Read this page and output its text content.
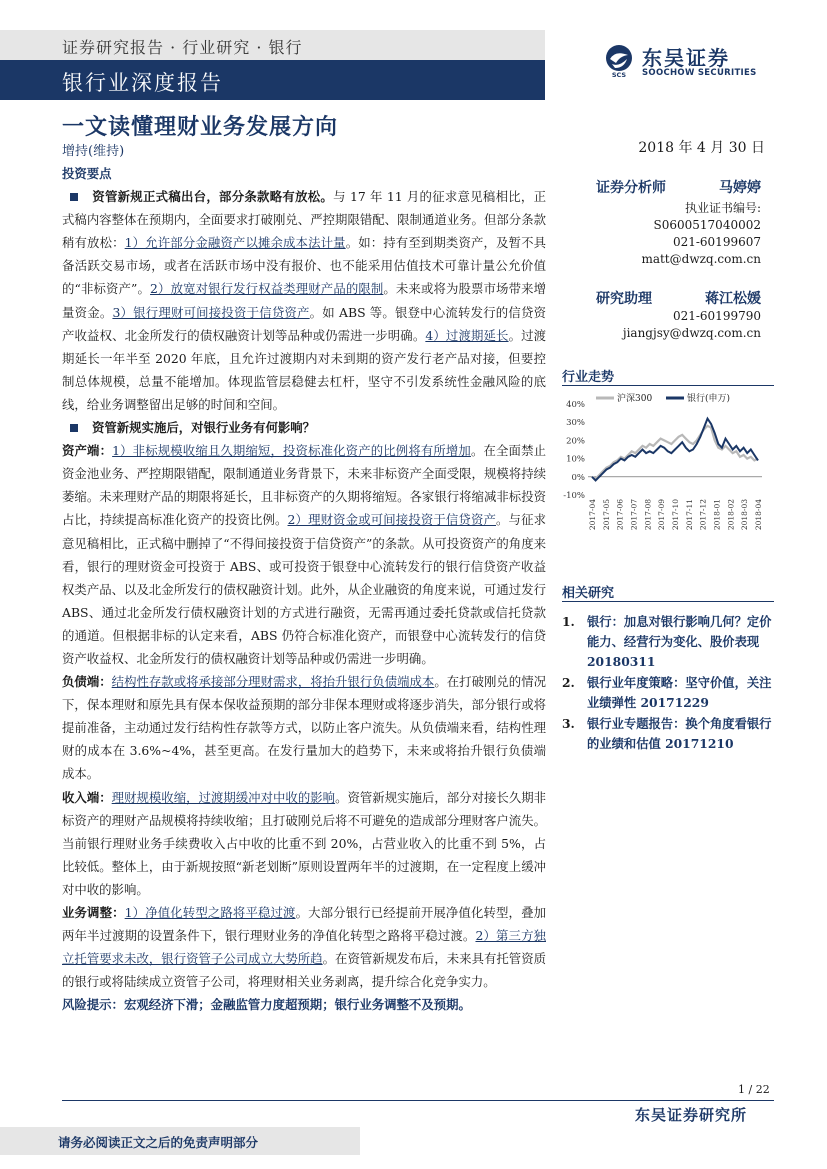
证券研究报告 · 行业研究 · 银行
银行业深度报告	SCS
东吴证券
SOOCHOW SECURITIES
一文读懂理财业务发展方向
增持(维持)	2018 年 4 月 30 日

投资要点

资管新规正式稿出台，部分条款略有放松。与 17 年 11 月的征求意见稿相比，正式稿内容整体在预期内，全面要求打破刚兑、严控期限错配、限制通道业务。但部分条款稍有放松：1）允许部分金融资产以摊余成本法计量。如：持有至到期类资产，及暂不具备活跃交易市场，或者在活跃市场中没有报价、也不能采用估值技术可靠计量公允价值的“非标资产”。2）放宽对银行发行权益类理财产品的限制。未来或将为股票市场带来增量资金。3）银行理财可间接投资于信贷资产。如 ABS 等。银登中心流转发行的信贷资产收益权、北金所发行的债权融资计划等品种或仍需进一步明确。4）过渡期延长。过渡期延长一年半至 2020 年底，且允许过渡期内对未到期的资产发行老产品对接，但要控制总体规模，总量不能增加。体现监管层稳健去杠杆，坚守不引发系统性金融风险的底线，给业务调整留出足够的时间和空间。

资管新规实施后，对银行业务有何影响？

资产端：1）非标规模收缩且久期缩短，投资标准化资产的比例将有所增加。在全面禁止资金池业务、严控期限错配，限制通道业务背景下，未来非标资产全面受限，规模将持续萎缩。未来理财产品的期限将延长，且非标资产的久期将缩短。各家银行将缩减非标投资占比，持续提高标准化资产的投资比例。2）理财资金或可间接投资于信贷资产。与征求意见稿相比，正式稿中删掉了“不得间接投资于信贷资产”的条款。从可投资资产的角度来看，银行的理财资金可投资于 ABS、或可投资于银登中心流转发行的银行信贷资产收益权类产品、以及北金所发行的债权融资计划。此外，从企业融资的角度来说，可通过发行 ABS、通过北金所发行债权融资计划的方式进行融资，无需再通过委托贷款或信托贷款的通道。但根据非标的认定来看，ABS 仍符合标准化资产，而银登中心流转发行的信贷资产收益权、北金所发行的债权融资计划等品种或仍需进一步明确。

负债端：结构性存款或将承接部分理财需求，将抬升银行负债端成本。在打破刚兑的情况下，保本理财和原先具有保本保收益预期的部分非保本理财或将逐步消失，部分银行或将提前准备，主动通过发行结构性存款等方式，以防止客户流失。从负债端来看，结构性理财的成本在 3.6%~4%，甚至更高。在发行量加大的趋势下，未来或将抬升银行负债端成本。

收入端：理财规模收缩，过渡期缓冲对中收的影响。资管新规实施后，部分对接长久期非标资产的理财产品规模将持续收缩；且打破刚兑后将不可避免的造成部分理财客户流失。当前银行理财业务手续费收入占中收的比重不到 20%，占营业收入的比重不到 5%，占比较低。整体上，由于新规按照“新老划断”原则设置两年半的过渡期，在一定程度上缓冲对中收的影响。

业务调整：1）净值化转型之路将平稳过渡。大部分银行已经提前开展净值化转型，叠加两年半过渡期的设置条件下，银行理财业务的净值化转型之路将平稳过渡。2）第三方独立托管要求未改，银行资管子公司成立大势所趋。在资管新规发布后，未来具有托管资质的银行或将陆续成立资管子公司，将理财相关业务剥离，提升综合化竞争实力。

风险提示：宏观经济下滑；金融监管力度超预期；银行业务调整不及预期。

证券分析师	马婷婷
执业证书编号:
S0600517040002
021-60199607
matt@dwzq.com.cn
研究助理	蒋江松媛
021-60199790
jiangjsy@dwzq.com.cn
行业走势
40%
30%
20%
10%
0%
-10%
2017-04 2017-05 2017-06 2017-07 2017-08 2017-09 2017-10 2017-11 2017-12 2018-01 2018-02 2018-03 2018-04
沪深300	银行(申万)
相关研究
1. 银行：加息对银行影响几何？定价能力、经营行为变化、股价表现 20180311
2. 银行业年度策略：坚守价值，关注业绩弹性 20171229
3. 银行业专题报告：换个角度看银行的业绩和估值 20171210
1 / 22
东吴证券研究所
请务必阅读正文之后的免责声明部分
